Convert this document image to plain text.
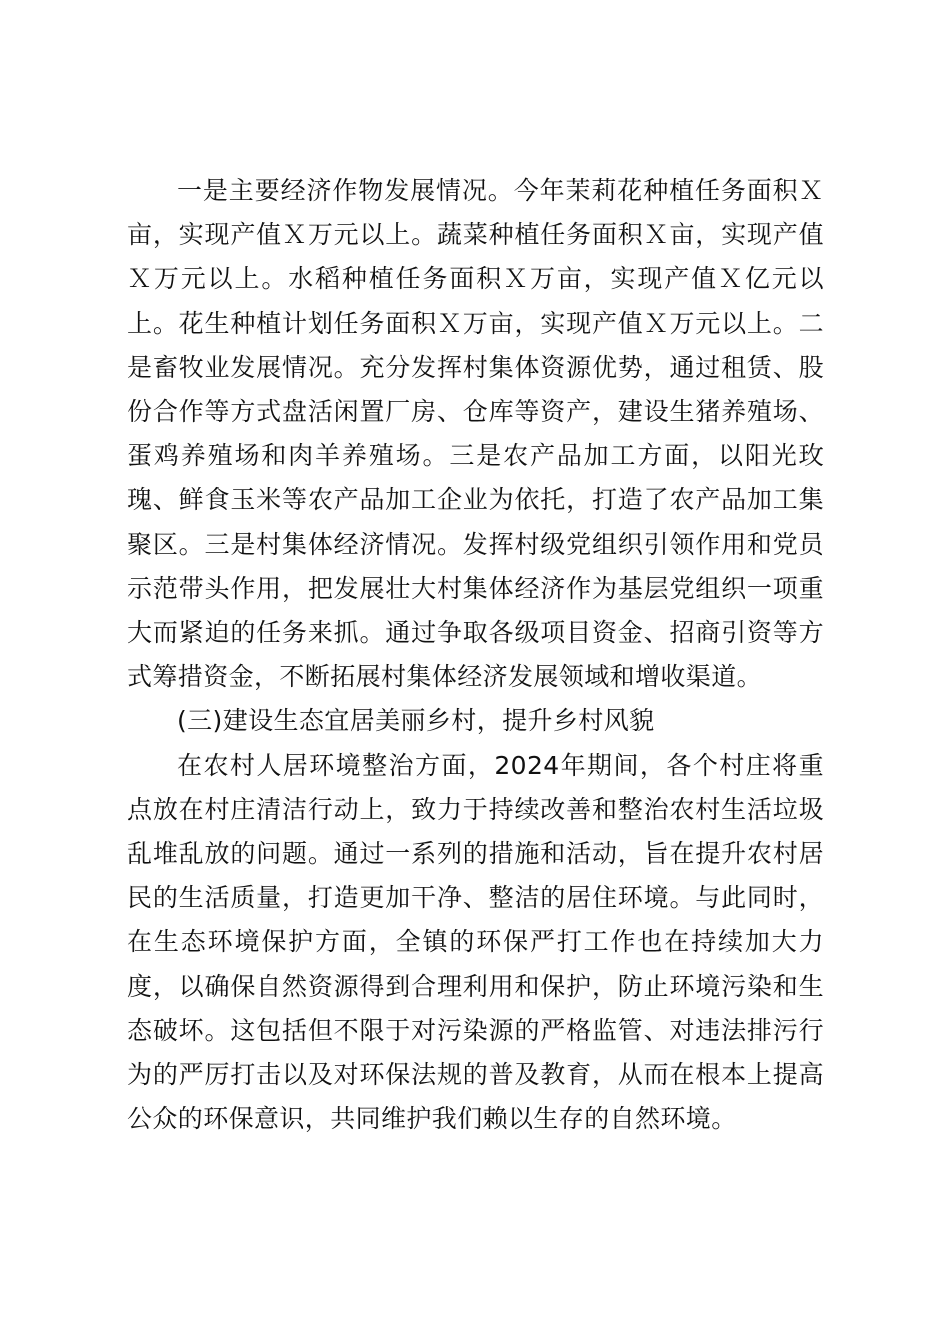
一是主要经济作物发展情况。今年茉莉花种植任务面积Ｘ亩，实现产值Ｘ万元以上。蔬菜种植任务面积Ｘ亩，实现产值Ｘ万元以上。水稻种植任务面积Ｘ万亩，实现产值Ｘ亿元以上。花生种植计划任务面积Ｘ万亩，实现产值Ｘ万元以上。二是畜牧业发展情况。充分发挥村集体资源优势，通过租赁、股份合作等方式盘活闲置厂房、仓库等资产，建设生猪养殖场、蛋鸡养殖场和肉羊养殖场。三是农产品加工方面，以阳光玫瑰、鲜食玉米等农产品加工企业为依托，打造了农产品加工集聚区。三是村集体经济情况。发挥村级党组织引领作用和党员示范带头作用，把发展壮大村集体经济作为基层党组织一项重大而紧迫的任务来抓。通过争取各级项目资金、招商引资等方式筹措资金，不断拓展村集体经济发展领域和增收渠道。

(三)建设生态宜居美丽乡村，提升乡村风貌

在农村人居环境整治方面，2024年期间，各个村庄将重点放在村庄清洁行动上，致力于持续改善和整治农村生活垃圾乱堆乱放的问题。通过一系列的措施和活动，旨在提升农村居民的生活质量，打造更加干净、整洁的居住环境。与此同时，在生态环境保护方面，全镇的环保严打工作也在持续加大力度，以确保自然资源得到合理利用和保护，防止环境污染和生态破坏。这包括但不限于对污染源的严格监管、对违法排污行为的严厉打击以及对环保法规的普及教育，从而在根本上提高公众的环保意识，共同维护我们赖以生存的自然环境。
